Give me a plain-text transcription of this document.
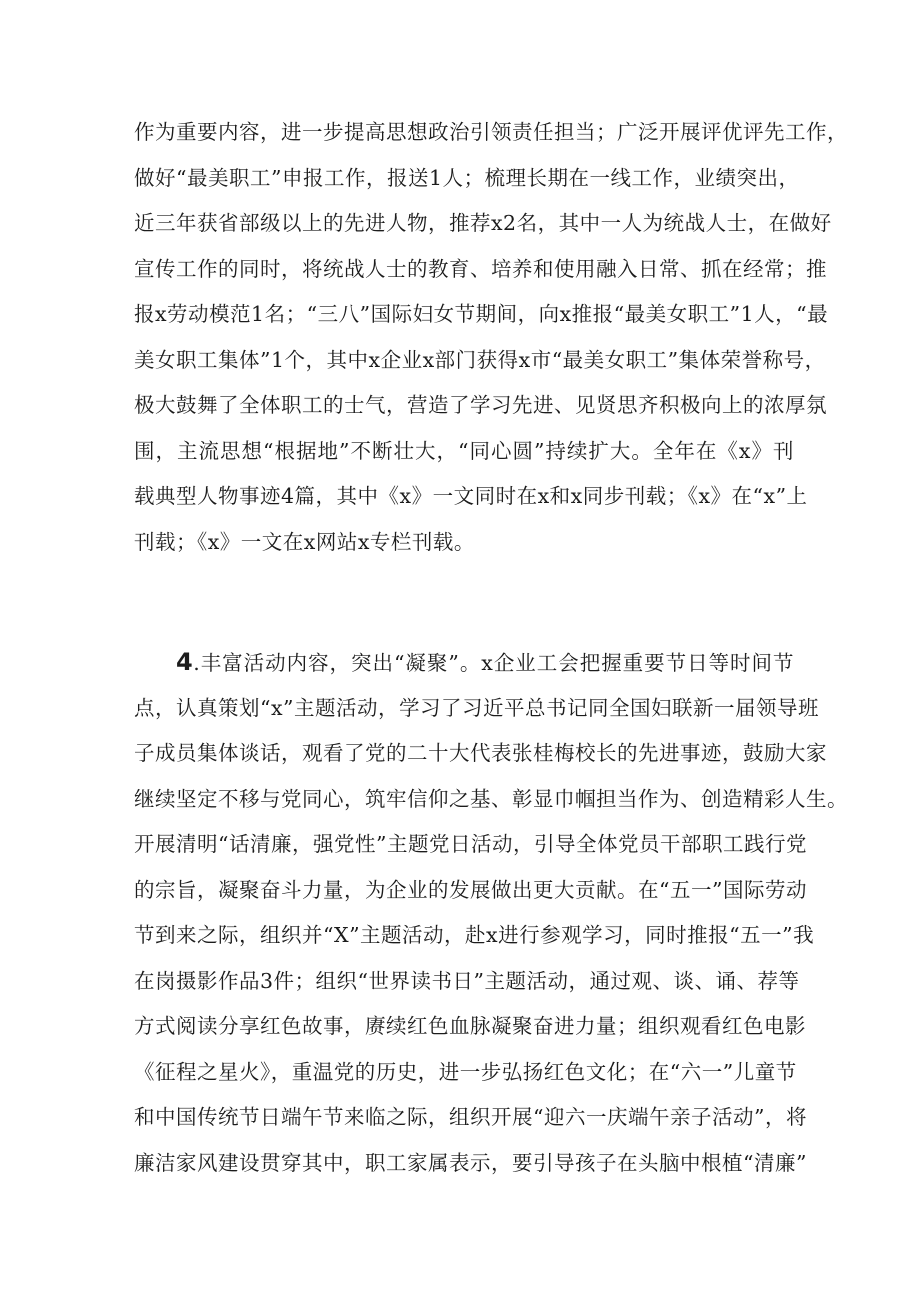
作为重要内容，进一步提高思想政治引领责任担当；广泛开展评优评先工作，
做好“最美职工”申报工作，报送1人；梳理长期在一线工作，业绩突出，
近三年获省部级以上的先进人物，推荐x2名，其中一人为统战人士，在做好
宣传工作的同时，将统战人士的教育、培养和使用融入日常、抓在经常；推
报x劳动模范1名；“三八”国际妇女节期间，向x推报“最美女职工”1人，“最
美女职工集体”1个，其中x企业x部门获得x市“最美女职工”集体荣誉称号，
极大鼓舞了全体职工的士气，营造了学习先进、见贤思齐积极向上的浓厚氛
围，主流思想“根据地”不断壮大，“同心圆”持续扩大。全年在《x》刊
载典型人物事迹4篇，其中《x》一文同时在x和x同步刊载；《x》在“x”上
刊载；《x》一文在x网站x专栏刊载。
4.丰富活动内容，突出“凝聚”。x企业工会把握重要节日等时间节
点，认真策划“x”主题活动，学习了习近平总书记同全国妇联新一届领导班
子成员集体谈话，观看了党的二十大代表张桂梅校长的先进事迹，鼓励大家
继续坚定不移与党同心，筑牢信仰之基、彰显巾帼担当作为、创造精彩人生。
开展清明“话清廉，强党性”主题党日活动，引导全体党员干部职工践行党
的宗旨，凝聚奋斗力量，为企业的发展做出更大贡献。在“五一”国际劳动
节到来之际，组织并“X”主题活动，赴x进行参观学习，同时推报“五一”我
在岗摄影作品3件；组织“世界读书日”主题活动，通过观、谈、诵、荐等
方式阅读分享红色故事，赓续红色血脉凝聚奋进力量；组织观看红色电影
《征程之星火》，重温党的历史，进一步弘扬红色文化；在“六一”儿童节
和中国传统节日端午节来临之际，组织开展“迎六一庆端午亲子活动”，将
廉洁家风建设贯穿其中，职工家属表示，要引导孩子在头脑中根植“清廉”
